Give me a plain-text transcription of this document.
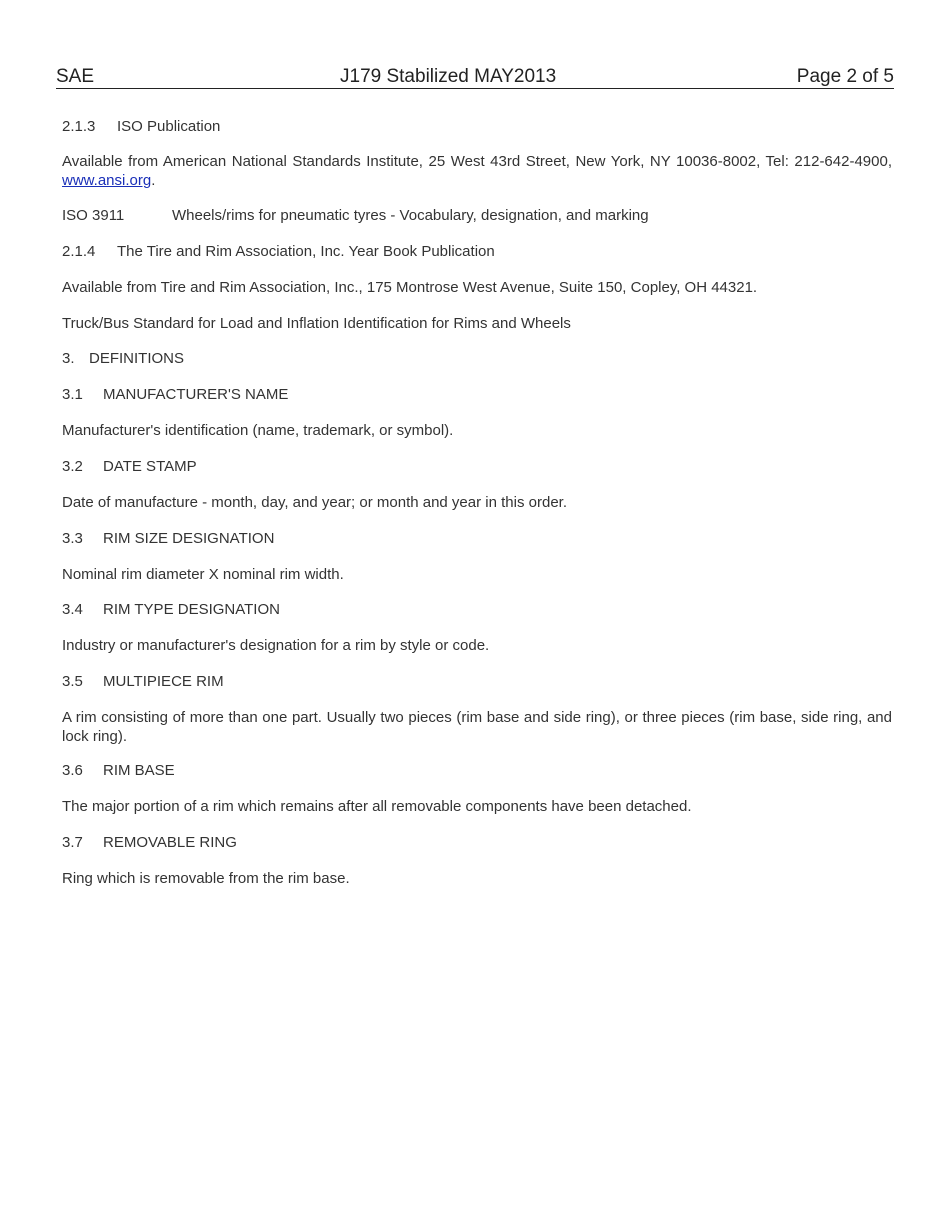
SAE	J179 Stabilized MAY2013	Page 2 of 5
2.1.3 ISO Publication
Available from American National Standards Institute, 25 West 43rd Street, New York, NY 10036-8002, Tel: 212-642-4900, www.ansi.org.
ISO 3911	Wheels/rims for pneumatic tyres - Vocabulary, designation, and marking
2.1.4 The Tire and Rim Association, Inc. Year Book Publication
Available from Tire and Rim Association, Inc., 175 Montrose West Avenue, Suite 150, Copley, OH 44321.
Truck/Bus Standard for Load and Inflation Identification for Rims and Wheels
3. DEFINITIONS
3.1 MANUFACTURER'S NAME
Manufacturer's identification (name, trademark, or symbol).
3.2 DATE STAMP
Date of manufacture - month, day, and year; or month and year in this order.
3.3 RIM SIZE DESIGNATION
Nominal rim diameter X nominal rim width.
3.4 RIM TYPE DESIGNATION
Industry or manufacturer's designation for a rim by style or code.
3.5 MULTIPIECE RIM
A rim consisting of more than one part. Usually two pieces (rim base and side ring), or three pieces (rim base, side ring, and lock ring).
3.6 RIM BASE
The major portion of a rim which remains after all removable components have been detached.
3.7 REMOVABLE RING
Ring which is removable from the rim base.
